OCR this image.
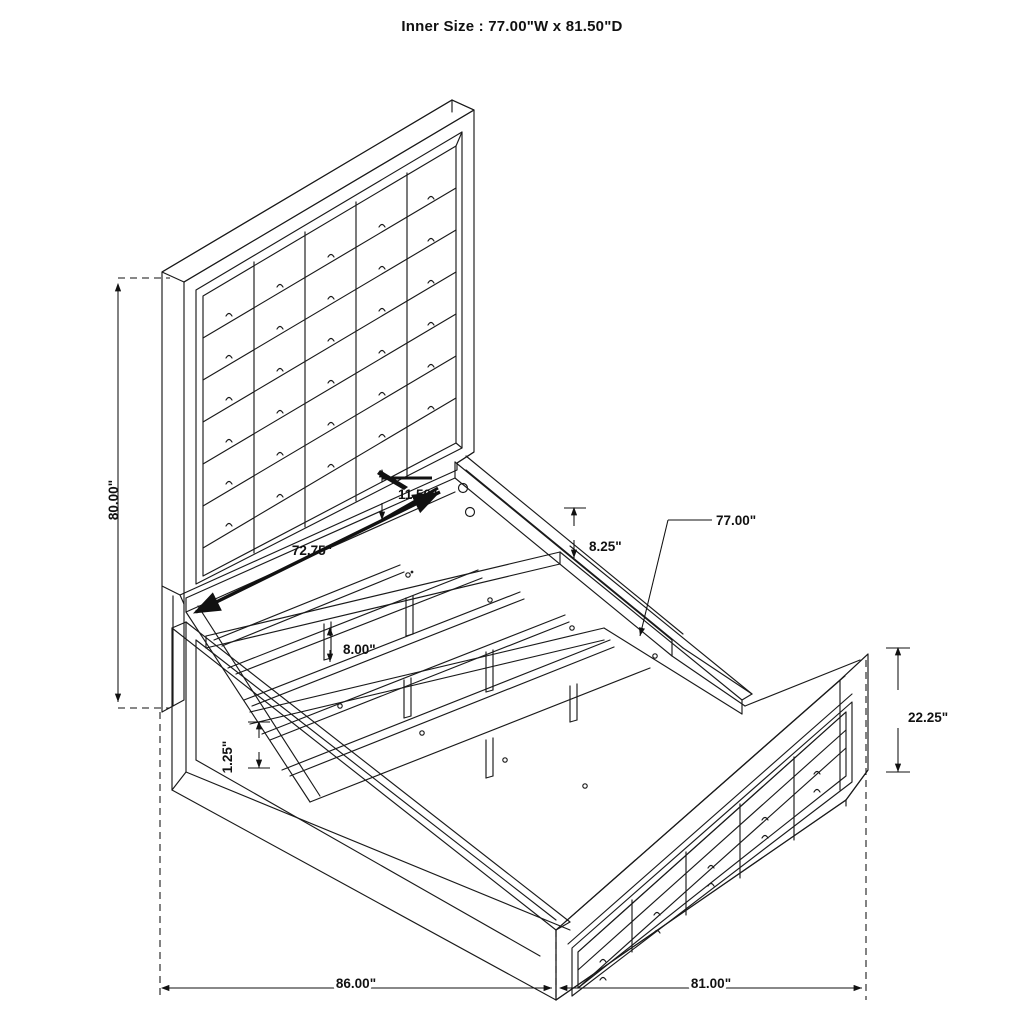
Inner Size : 77.00"W x 81.50"D
80.00"
72.75"
11.50"
77.00"
8.25"
8.00"
22.25"
1.25"
86.00"	81.00"
